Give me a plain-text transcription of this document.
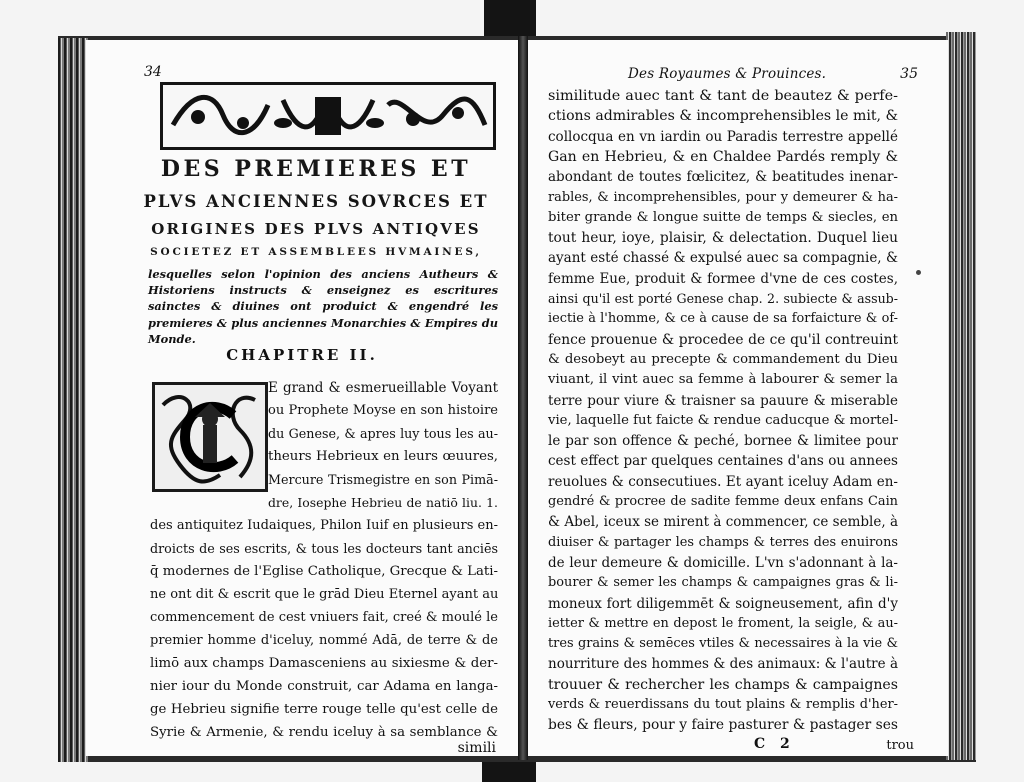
34
DES PREMIERES ET
PLVS ANCIENNES SOVRCES ET
ORIGINES DES PLVS ANTIQVES
SOCIETEZ ET ASSEMBLEES HVMAINES,
lesquelles selon l'opinion des anciens Autheurs & Historiens instructs & enseignez es escritures sainctes & diuines ont produict & engendré les premieres & plus anciennes Monarchies & Empires du Monde.
CHAPITRE II.
E grand & esmerueillable Voyant
ou Prophete Moyse en son histoire
du Genese, & apres luy tous les au-
theurs Hebrieux en leurs œuures,
Mercure Trismegistre en son Pimā-
dre, Iosephe Hebrieu de natiō liu. 1.
des antiquitez Iudaiques, Philon Iuif en plusieurs en-
droicts de ses escrits, & tous les docteurs tant anciēs
q̄ modernes de l'Eglise Catholique, Grecque & Lati-
ne ont dit & escrit que le grād Dieu Eternel ayant au
commencement de cest vniuers fait, creé & moulé le
premier homme d'iceluy, nommé Adā, de terre & de
limō aux champs Damasceniens au sixiesme & der-
nier iour du Monde construit, car Adama en langa-
ge Hebrieu signifie terre rouge telle qu'est celle de
Syrie & Armenie, & rendu iceluy à sa semblance &
simili
Des Royaumes & Prouinces.	35
similitude auec tant & tant de beautez & perfe-
ctions admirables & incomprehensibles le mit, &
collocqua en vn iardin ou Paradis terrestre appellé
Gan en Hebrieu, & en Chaldee Pardés remply &
abondant de toutes fœlicitez, & beatitudes inenar-
rables, & incomprehensibles, pour y demeurer & ha-
biter grande & longue suitte de temps & siecles, en
tout heur, ioye, plaisir, & delectation. Duquel lieu
ayant esté chassé & expulsé auec sa compagnie, &
femme Eue, produit & formee d'vne de ces costes,
ainsi qu'il est porté Genese chap. 2. subiecte & assub-
iectie à l'homme, & ce à cause de sa forfaicture & of-
fence prouenue & procedee de ce qu'il contreuint
& desobeyt au precepte & commandement du Dieu
viuant, il vint auec sa femme à labourer & semer la
terre pour viure & traisner sa pauure & miserable
vie, laquelle fut faicte & rendue caducque & mortel-
le par son offence & peché, bornee & limitee pour
cest effect par quelques centaines d'ans ou annees
reuolues & consecutiues. Et ayant iceluy Adam en-
gendré & procree de sadite femme deux enfans Cain
& Abel, iceux se mirent à commencer, ce semble, à
diuiser & partager les champs & terres des enuirons
de leur demeure & domicille. L'vn s'adonnant à la-
bourer & semer les champs & campaignes gras & li-
moneux fort diligemmēt & soigneusement, afin d'y
ietter & mettre en depost le froment, la seigle, & au-
tres grains & semēces vtiles & necessaires à la vie &
nourriture des hommes & des animaux: & l'autre à
trouuer & rechercher les champs & campaignes
verds & reuerdissans du tout plains & remplis d'her-
bes & fleurs, pour y faire pasturer & pastager ses
C 2	trou
